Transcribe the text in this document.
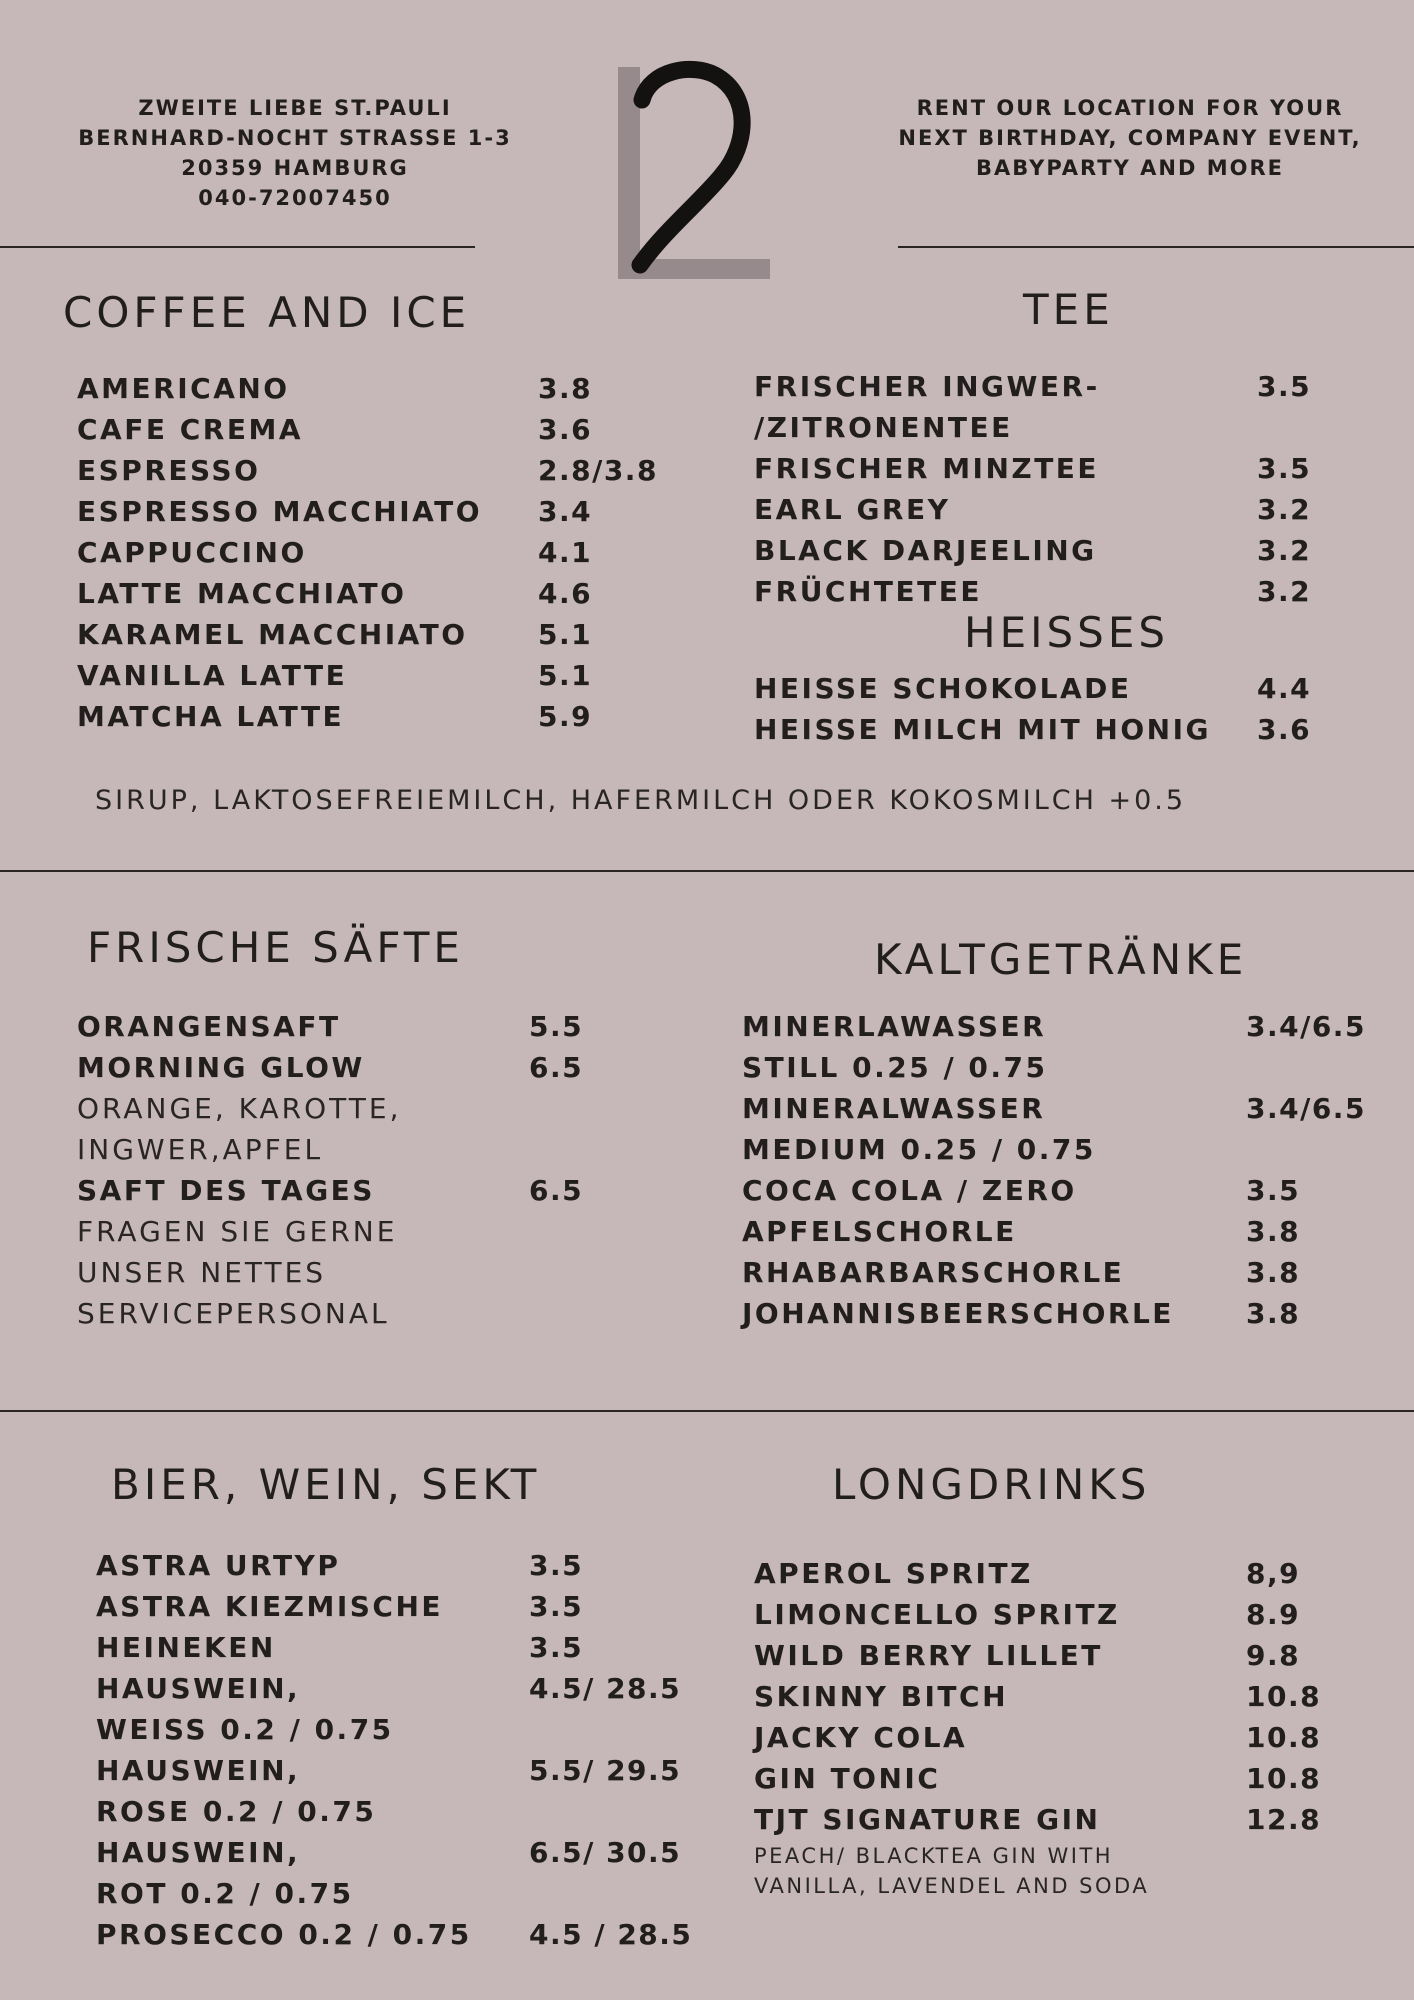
ZWEITE LIEBE ST.PAULI
BERNHARD-NOCHT STRASSE 1-3
20359 HAMBURG
040-72007450
RENT OUR LOCATION FOR YOUR
NEXT BIRTHDAY, COMPANY EVENT,
BABYPARTY AND MORE
COFFEE AND ICE
AMERICANO	3.8
CAFE CREMA	3.6
ESPRESSO	2.8/3.8
ESPRESSO MACCHIATO 3.4
CAPPUCCINO	4.1
LATTE MACCHIATO	4.6
KARAMEL MACCHIATO	5.1
VANILLA LATTE	5.1
MATCHA LATTE	5.9
TEE
FRISCHER INGWER-	3.5
/ZITRONENTEE
FRISCHER MINZTEE	3.5
EARL GREY	3.2
BLACK DARJEELING	3.2
FRÜCHTETEE	3.2
HEISSES
HEISSE SCHOKOLADE	4.4
HEISSE MILCH MIT HONIG 3.6
SIRUP, LAKTOSEFREIEMILCH, HAFERMILCH ODER KOKOSMILCH +0.5
FRISCHE SÄFTE
ORANGENSAFT	5.5
MORNING GLOW	6.5
ORANGE, KAROTTE,
INGWER,APFEL
SAFT DES TAGES	6.5
FRAGEN SIE GERNE
UNSER NETTES
SERVICEPERSONAL
KALTGETRÄNKE
MINERLAWASSER	3.4/6.5
STILL 0.25 / 0.75
MINERALWASSER	3.4/6.5
MEDIUM 0.25 / 0.75
COCA COLA / ZERO	3.5
APFELSCHORLE	3.8
RHABARBARSCHORLE	3.8
JOHANNISBEERSCHORLE	3.8
BIER, WEIN, SEKT
ASTRA URTYP	3.5
ASTRA KIEZMISCHE	3.5
HEINEKEN	3.5
HAUSWEIN,	4.5/ 28.5
WEISS 0.2 / 0.75
HAUSWEIN,	5.5/ 29.5
ROSE 0.2 / 0.75
HAUSWEIN,	6.5/ 30.5
ROT 0.2 / 0.75
PROSECCO 0.2 / 0.75 4.5 / 28.5
LONGDRINKS
APEROL SPRITZ	8,9
LIMONCELLO SPRITZ	8.9
WILD BERRY LILLET	9.8
SKINNY BITCH	10.8
JACKY COLA	10.8
GIN TONIC	10.8
TJT SIGNATURE GIN	12.8
PEACH/ BLACKTEA GIN WITH
VANILLA, LAVENDEL AND SODA
